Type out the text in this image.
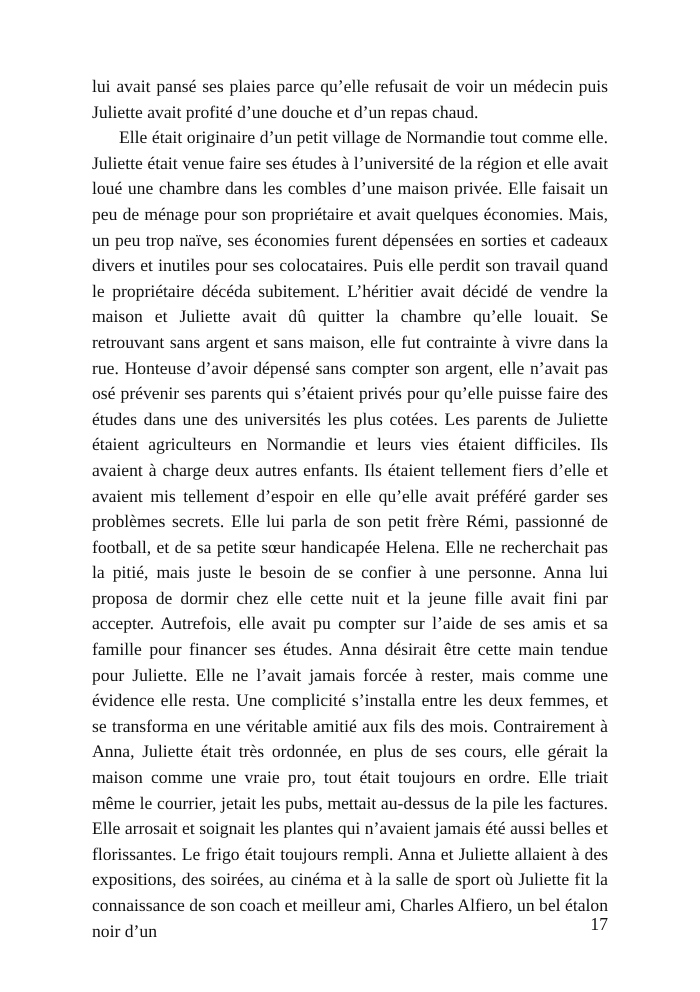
lui avait pansé ses plaies parce qu’elle refusait de voir un médecin puis Juliette avait profité d’une douche et d’un repas chaud.

Elle était originaire d’un petit village de Normandie tout comme elle. Juliette était venue faire ses études à l’université de la région et elle avait loué une chambre dans les combles d’une maison privée. Elle faisait un peu de ménage pour son propriétaire et avait quelques économies. Mais, un peu trop naïve, ses économies furent dépensées en sorties et cadeaux divers et inutiles pour ses colocataires. Puis elle perdit son travail quand le propriétaire décéda subitement. L’héritier avait décidé de vendre la maison et Juliette avait dû quitter la chambre qu’elle louait. Se retrouvant sans argent et sans maison, elle fut contrainte à vivre dans la rue. Honteuse d’avoir dépensé sans compter son argent, elle n’avait pas osé prévenir ses parents qui s’étaient privés pour qu’elle puisse faire des études dans une des universités les plus cotées. Les parents de Juliette étaient agriculteurs en Normandie et leurs vies étaient difficiles. Ils avaient à charge deux autres enfants. Ils étaient tellement fiers d’elle et avaient mis tellement d’espoir en elle qu’elle avait préféré garder ses problèmes secrets. Elle lui parla de son petit frère Rémi, passionné de football, et de sa petite sœur handicapée Helena. Elle ne recherchait pas la pitié, mais juste le besoin de se confier à une personne. Anna lui proposa de dormir chez elle cette nuit et la jeune fille avait fini par accepter. Autrefois, elle avait pu compter sur l’aide de ses amis et sa famille pour financer ses études. Anna désirait être cette main tendue pour Juliette. Elle ne l’avait jamais forcée à rester, mais comme une évidence elle resta. Une complicité s’installa entre les deux femmes, et se transforma en une véritable amitié aux fils des mois. Contrairement à Anna, Juliette était très ordonnée, en plus de ses cours, elle gérait la maison comme une vraie pro, tout était toujours en ordre. Elle triait même le courrier, jetait les pubs, mettait au-dessus de la pile les factures. Elle arrosait et soignait les plantes qui n’avaient jamais été aussi belles et florissantes. Le frigo était toujours rempli. Anna et Juliette allaient à des expositions, des soirées, au cinéma et à la salle de sport où Juliette fit la connaissance de son coach et meilleur ami, Charles Alfiero, un bel étalon noir d’un	17
